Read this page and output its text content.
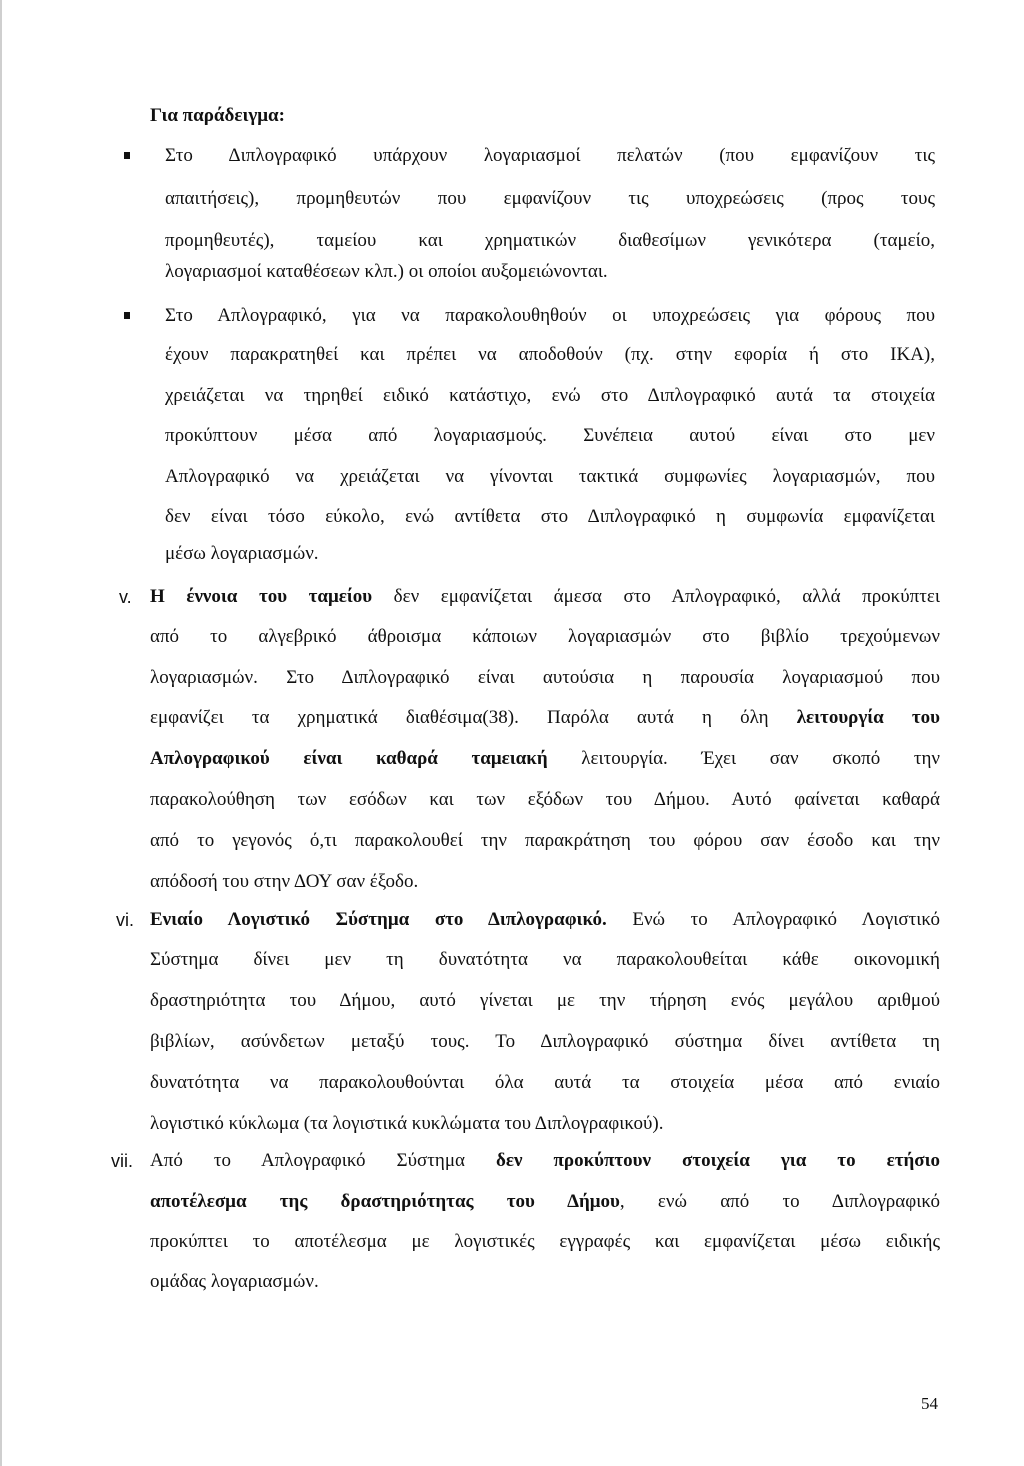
Για παράδειγμα:
Στο Διπλογραφικό υπάρχουν λογαριασμοί πελατών (που εμφανίζουν τις
απαιτήσεις), προμηθευτών που εμφανίζουν τις υποχρεώσεις (προς τους
προμηθευτές), ταμείου και χρηματικών διαθεσίμων γενικότερα (ταμείο,
λογαριασμοί καταθέσεων κλπ.) οι οποίοι αυξομειώνονται.
Στο Απλογραφικό, για να παρακολουθηθούν οι υποχρεώσεις για φόρους που
έχουν παρακρατηθεί και πρέπει να αποδοθούν (πχ. στην εφορία ή στο ΙΚΑ),
χρειάζεται να τηρηθεί ειδικό κατάστιχο, ενώ στο Διπλογραφικό αυτά τα στοιχεία
προκύπτουν μέσα από λογαριασμούς. Συνέπεια αυτού είναι στο μεν
Απλογραφικό να χρειάζεται να γίνονται τακτικά συμφωνίες λογαριασμών, που
δεν είναι τόσο εύκολο, ενώ αντίθετα στο Διπλογραφικό η συμφωνία εμφανίζεται
μέσω λογαριασμών.
v. Η έννοια του ταμείου δεν εμφανίζεται άμεσα στο Απλογραφικό, αλλά προκύπτει
από το αλγεβρικό άθροισμα κάποιων λογαριασμών στο βιβλίο τρεχούμενων
λογαριασμών. Στο Διπλογραφικό είναι αυτούσια η παρουσία λογαριασμού που
εμφανίζει τα χρηματικά διαθέσιμα(38). Παρόλα αυτά η όλη λειτουργία του
Απλογραφικού είναι καθαρά ταμειακή λειτουργία. Έχει σαν σκοπό την
παρακολούθηση των εσόδων και των εξόδων του Δήμου. Αυτό φαίνεται καθαρά
από το γεγονός ό,τι παρακολουθεί την παρακράτηση του φόρου σαν έσοδο και την
απόδοσή του στην ΔΟΥ σαν έξοδο.
vi. Ενιαίο Λογιστικό Σύστημα στο Διπλογραφικό. Ενώ το Απλογραφικό Λογιστικό
Σύστημα δίνει μεν τη δυνατότητα να παρακολουθείται κάθε οικονομική
δραστηριότητα του Δήμου, αυτό γίνεται με την τήρηση ενός μεγάλου αριθμού
βιβλίων, ασύνδετων μεταξύ τους. Το Διπλογραφικό σύστημα δίνει αντίθετα τη
δυνατότητα να παρακολουθούνται όλα αυτά τα στοιχεία μέσα από ενιαίο
λογιστικό κύκλωμα (τα λογιστικά κυκλώματα του Διπλογραφικού).
vii. Από το Απλογραφικό Σύστημα δεν προκύπτουν στοιχεία για το ετήσιο
αποτέλεσμα της δραστηριότητας του Δήμου, ενώ από το Διπλογραφικό
προκύπτει το αποτέλεσμα με λογιστικές εγγραφές και εμφανίζεται μέσω ειδικής
ομάδας λογαριασμών.
54
